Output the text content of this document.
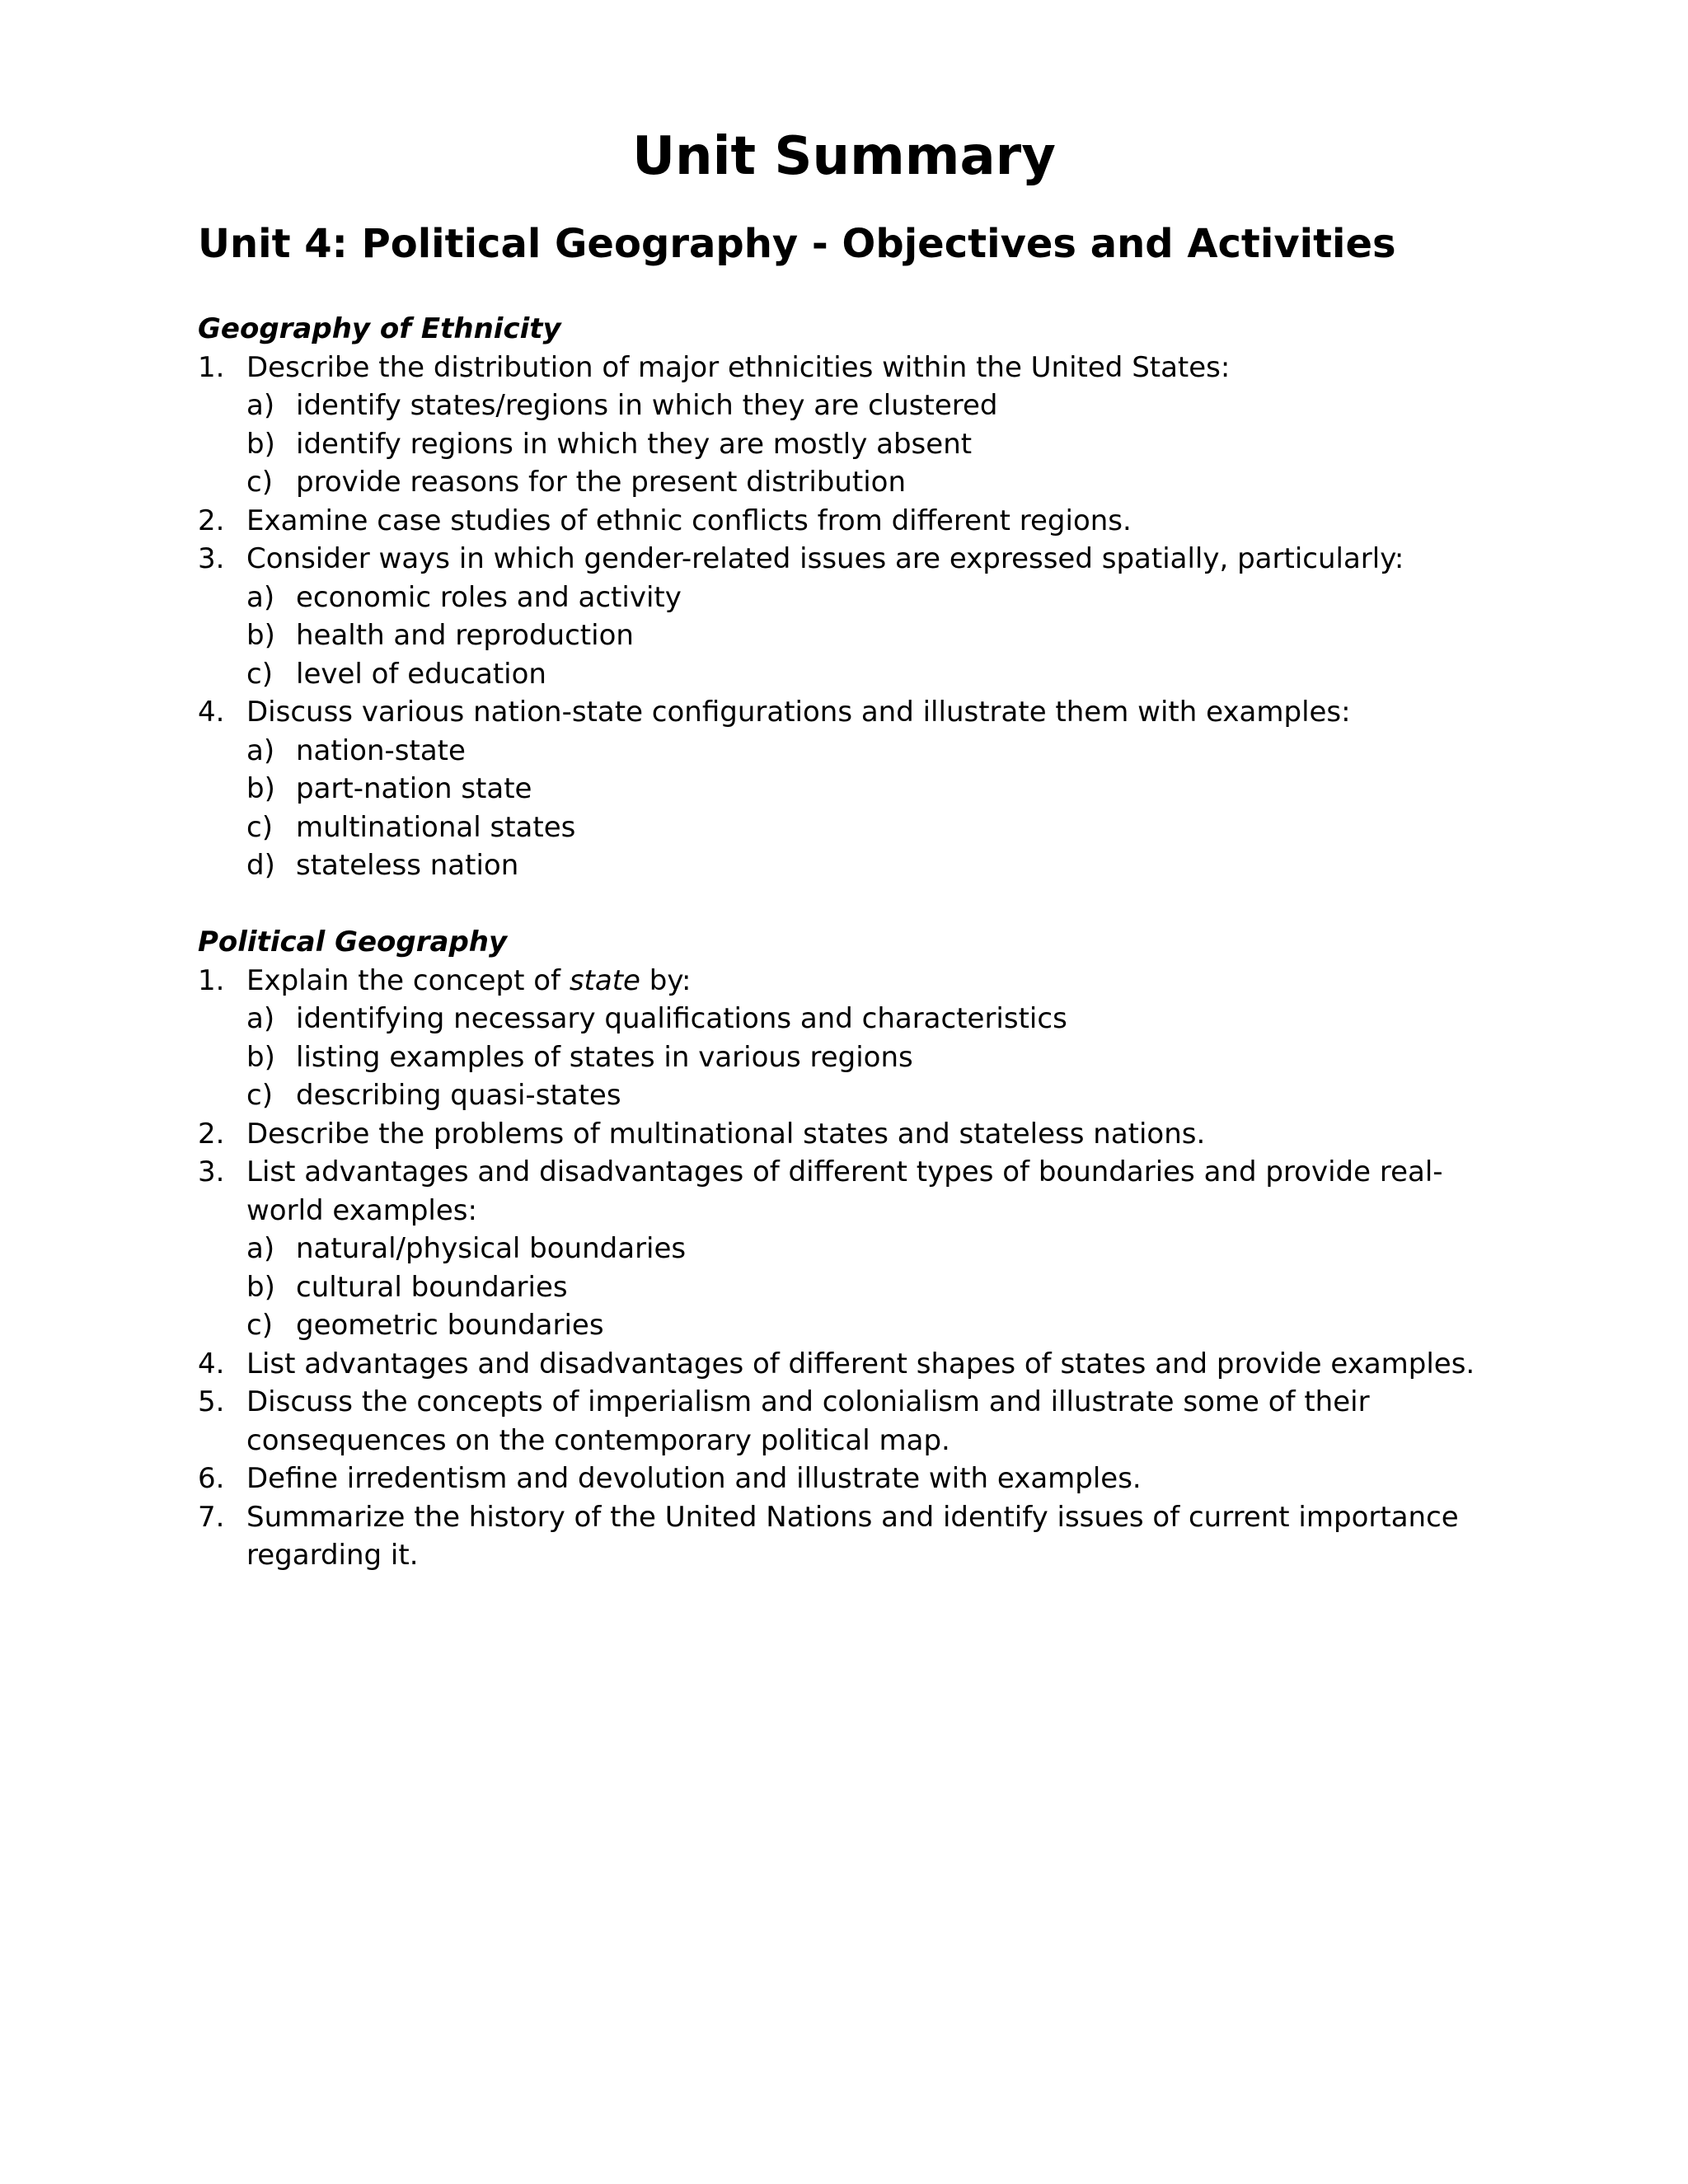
Unit Summary
Unit 4: Political Geography - Objectives and Activities
Geography of Ethnicity
1. Describe the distribution of major ethnicities within the United States:
a) identify states/regions in which they are clustered
b) identify regions in which they are mostly absent
c) provide reasons for the present distribution
2. Examine case studies of ethnic conflicts from different regions.
3. Consider ways in which gender-related issues are expressed spatially, particularly:
a) economic roles and activity
b) health and reproduction
c) level of education
4. Discuss various nation-state configurations and illustrate them with examples:
a) nation-state
b) part-nation state
c) multinational states
d) stateless nation
Political Geography
1. Explain the concept of state by:
a) identifying necessary qualifications and characteristics
b) listing examples of states in various regions
c) describing quasi-states
2. Describe the problems of multinational states and stateless nations.
3. List advantages and disadvantages of different types of boundaries and provide real-world examples:
a) natural/physical boundaries
b) cultural boundaries
c) geometric boundaries
4. List advantages and disadvantages of different shapes of states and provide examples.
5. Discuss the concepts of imperialism and colonialism and illustrate some of their consequences on the contemporary political map.
6. Define irredentism and devolution and illustrate with examples.
7. Summarize the history of the United Nations and identify issues of current importance regarding it.
